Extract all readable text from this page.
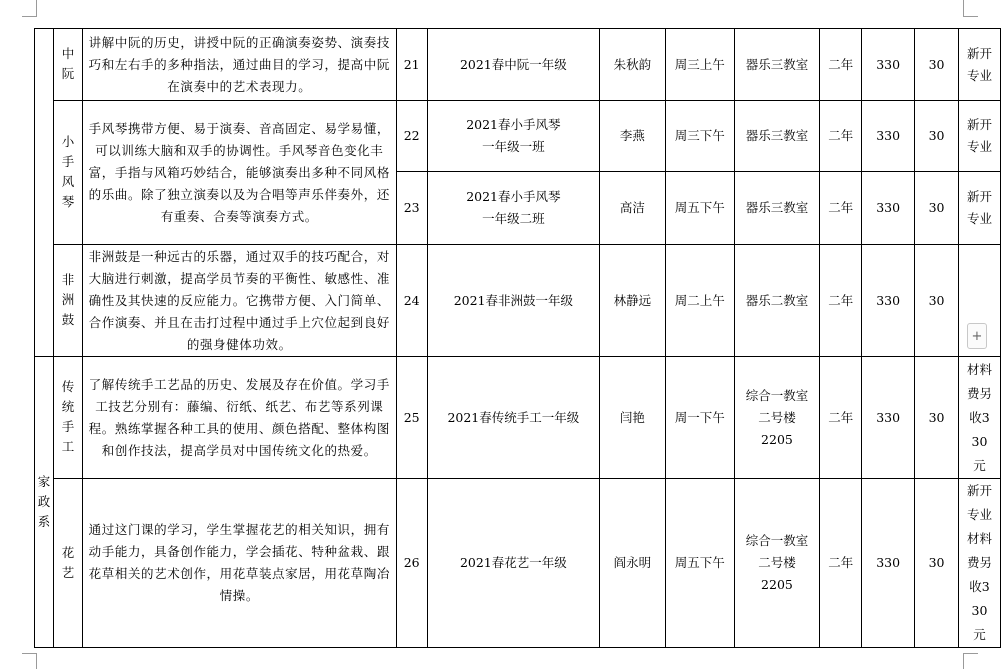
+
	中阮	讲解中阮的历史，讲授中阮的正确演奏姿势、演奏技巧和左右手的多种指法，通过曲目的学习，提高中阮在演奏中的艺术表现力。	21	2021春中阮一年级	朱秋韵	周三上午	器乐三教室	二年	330	30	新开
专业

	小手风琴	手风琴携带方便、易于演奏、音高固定、易学易懂，可以训练大脑和双手的协调性。手风琴音色变化丰富，手指与风箱巧妙结合，能够演奏出多种不同风格的乐曲。除了独立演奏以及为合唱等声乐伴奏外，还有重奏、合奏等演奏方式。	22	2021春小手风琴
一年级一班	李燕	周三下午	器乐三教室	二年	330	30	新开
专业

			23	2021春小手风琴
一年级二班	高洁	周五下午	器乐三教室	二年	330	30	新开
专业

	非洲鼓	非洲鼓是一种远古的乐器，通过双手的技巧配合，对大脑进行刺激，提高学员节奏的平衡性、敏感性、准确性及其快速的反应能力。它携带方便、入门简单、合作演奏、并且在击打过程中通过手上穴位起到良好的强身健体功效。	24	2021春非洲鼓一年级	林静远	周二上午	器乐二教室	二年	330	30	
家政系	传统手工	了解传统手工艺品的历史、发展及存在价值。学习手工技艺分别有：藤编、衍纸、纸艺、布艺等系列课程。熟练掌握各种工具的使用、颜色搭配、整体构图和创作技法，提高学员对中国传统文化的热爱。	25	2021春传统手工一年级	闫艳	周一下午	综合一教室
二号楼
2205	二年	330	30	材料费另收330元
	花艺	通过这门课的学习，学生掌握花艺的相关知识，拥有动手能力，具备创作能力，学会插花、特种盆栽、跟花草相关的艺术创作，用花草装点家居，用花草陶冶情操。	26	2021春花艺一年级	阎永明	周五下午	综合一教室
二号楼
2205	二年	330	30	新开专业材料费另收330元
